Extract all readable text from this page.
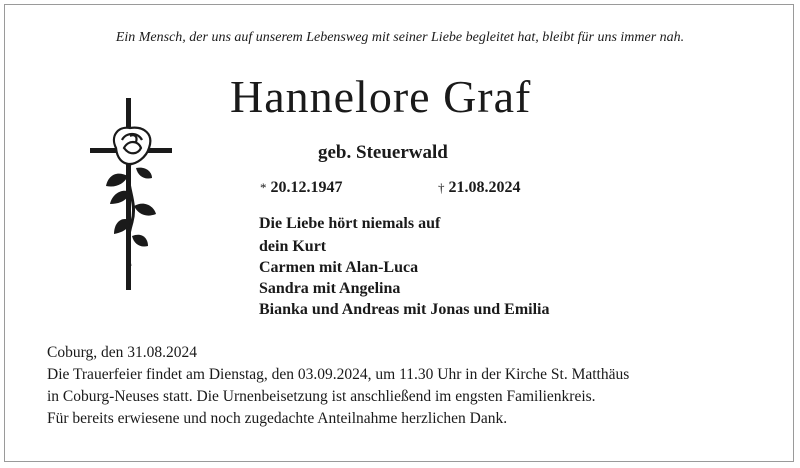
Ein Mensch, der uns auf unserem Lebensweg mit seiner Liebe begleitet hat, bleibt für uns immer nah.
Hannelore Graf
geb. Steuerwald
* 20.12.1947	† 21.08.2024
Die Liebe hört niemals auf
dein Kurt
Carmen mit Alan-Luca
Sandra mit Angelina
Bianka und Andreas mit Jonas und Emilia
Coburg, den 31.08.2024
Die Trauerfeier findet am Dienstag, den 03.09.2024, um 11.30 Uhr in der Kirche St. Matthäus
in Coburg-Neuses statt. Die Urnenbeisetzung ist anschließend im engsten Familienkreis.
Für bereits erwiesene und noch zugedachte Anteilnahme herzlichen Dank.
